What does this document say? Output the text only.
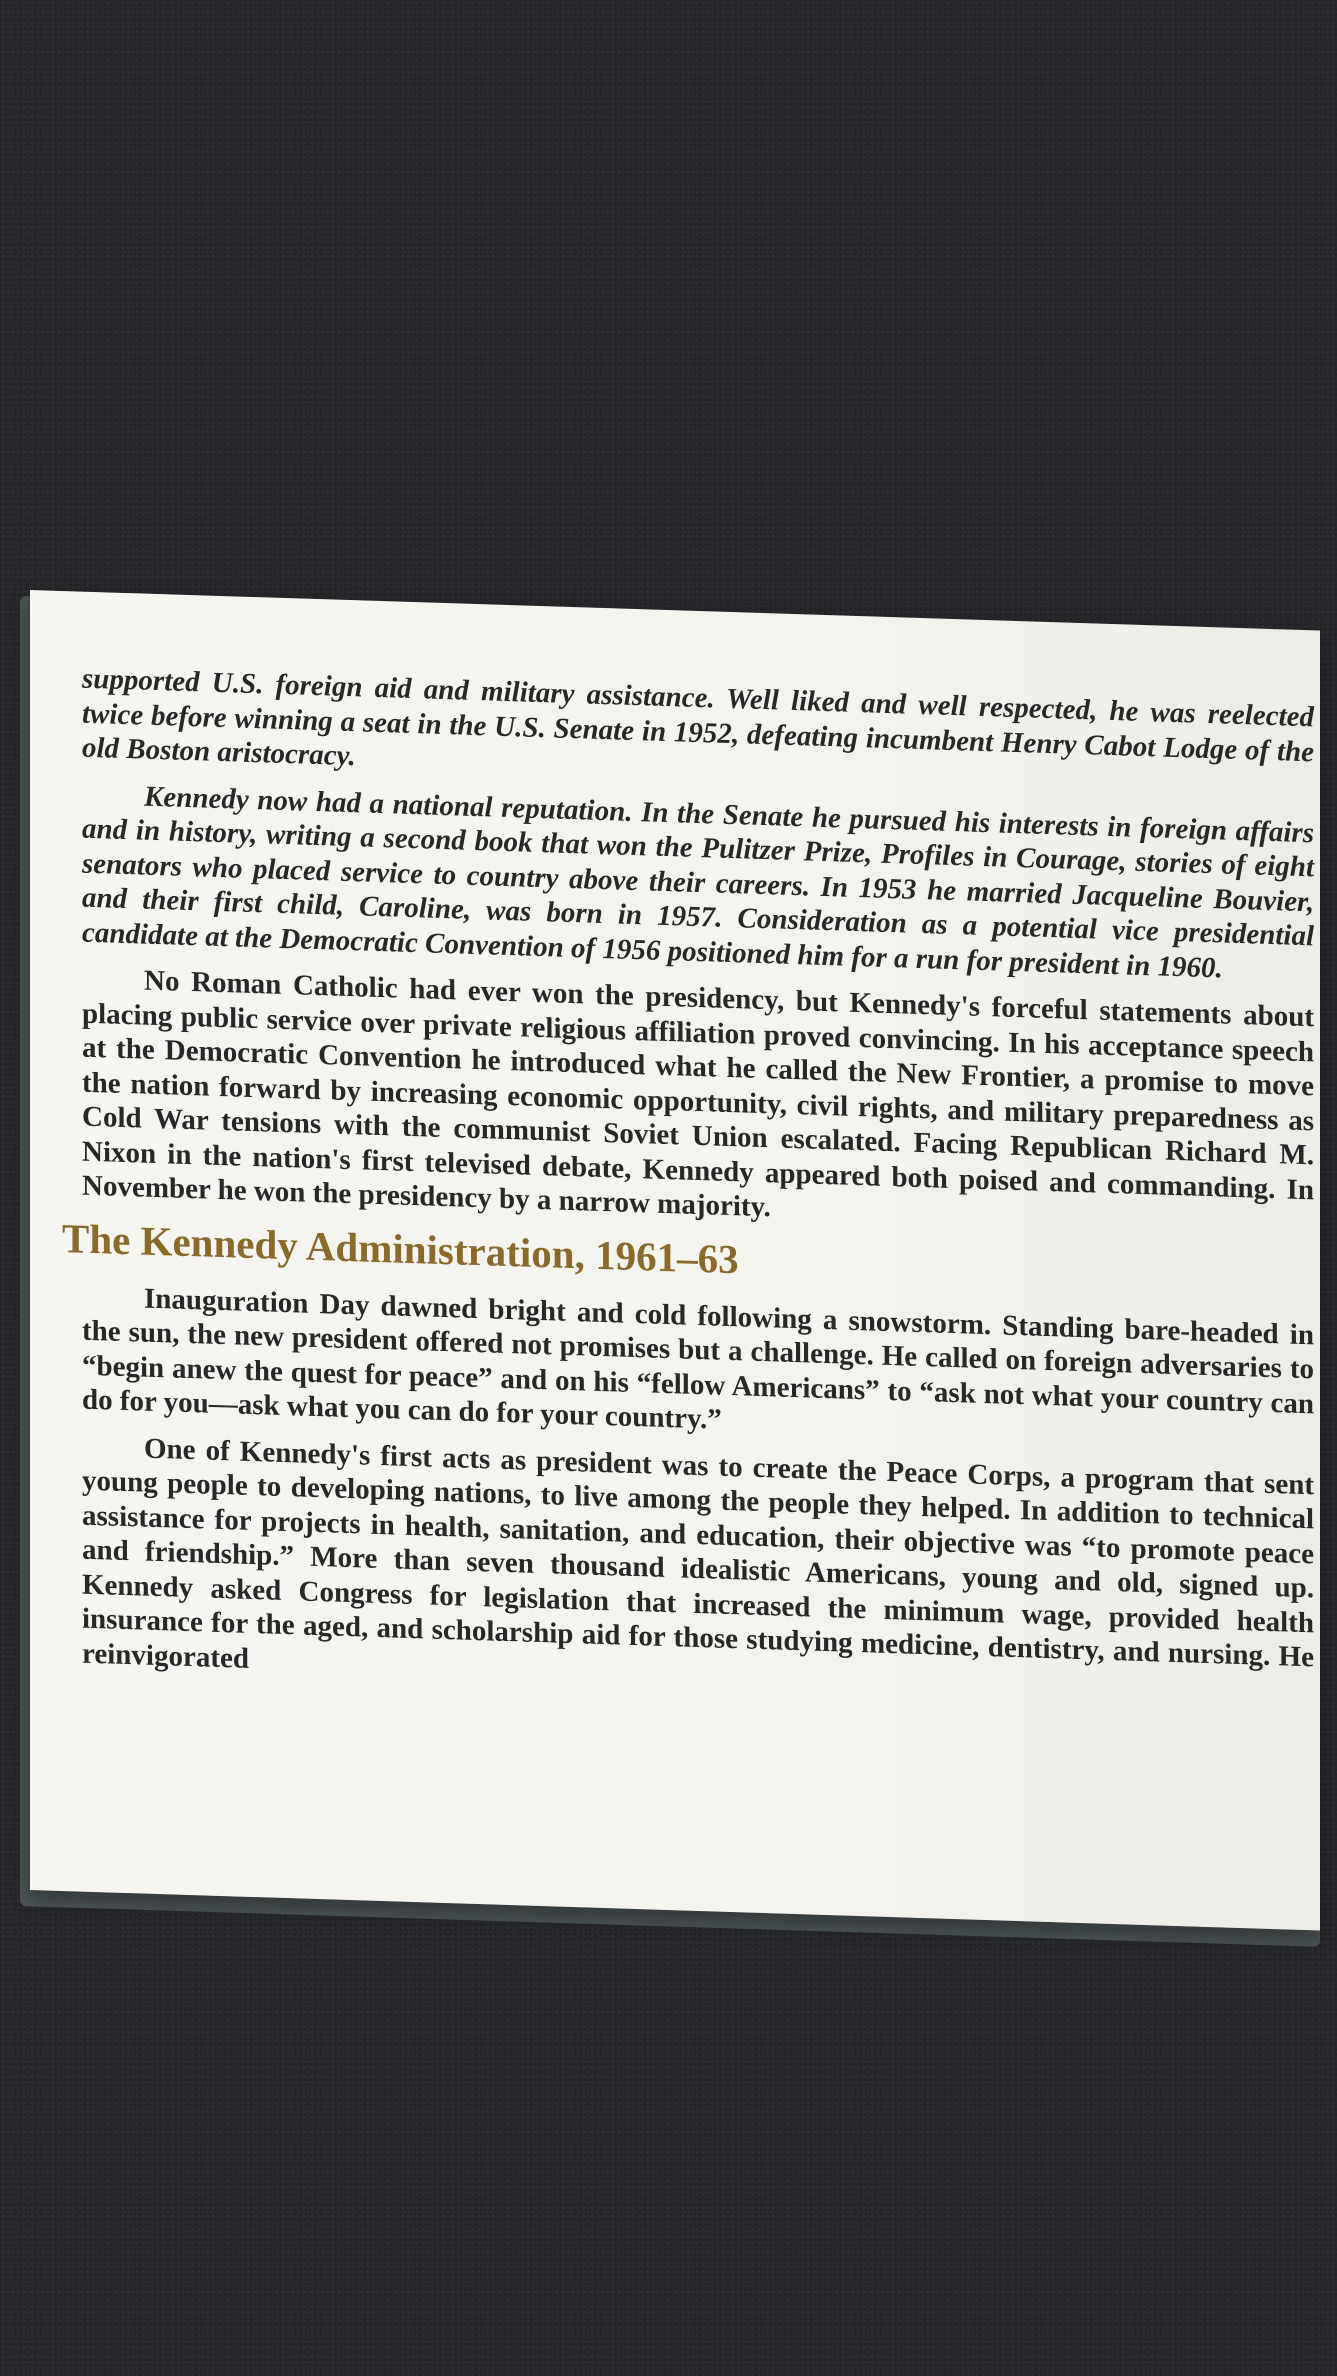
supported U.S. foreign aid and military assistance. Well liked and well respected, he was reelected twice before winning a seat in the U.S. Senate in 1952, defeating incumbent Henry Cabot Lodge of the old Boston aristocracy.

Kennedy now had a national reputation. In the Senate he pursued his interests in foreign affairs and in history, writing a second book that won the Pulitzer Prize, Profiles in Courage, stories of eight senators who placed service to country above their careers. In 1953 he married Jacqueline Bouvier, and their first child, Caroline, was born in 1957. Consideration as a potential vice presidential candidate at the Democratic Convention of 1956 positioned him for a run for president in 1960.

No Roman Catholic had ever won the presidency, but Kennedy's forceful statements about placing public service over private religious affiliation proved convincing. In his acceptance speech at the Democratic Convention he introduced what he called the New Frontier, a promise to move the nation forward by increasing economic opportunity, civil rights, and military preparedness as Cold War tensions with the communist Soviet Union escalated. Facing Republican Richard M. Nixon in the nation's first televised debate, Kennedy appeared both poised and commanding. In November he won the presidency by a narrow majority.

The Kennedy Administration, 1961–63

Inauguration Day dawned bright and cold following a snowstorm. Standing bare-headed in the sun, the new president offered not promises but a challenge. He called on foreign adversaries to “begin anew the quest for peace” and on his “fellow Americans” to “ask not what your country can do for you—ask what you can do for your country.”

One of Kennedy's first acts as president was to create the Peace Corps, a program that sent young people to developing nations, to live among the people they helped. In addition to technical assistance for projects in health, sanitation, and education, their objective was “to promote peace and friendship.” More than seven thousand idealistic Americans, young and old, signed up. Kennedy asked Congress for legislation that increased the minimum wage, provided health insurance for the aged, and scholarship aid for those studying medicine, dentistry, and nursing. He reinvigorated
